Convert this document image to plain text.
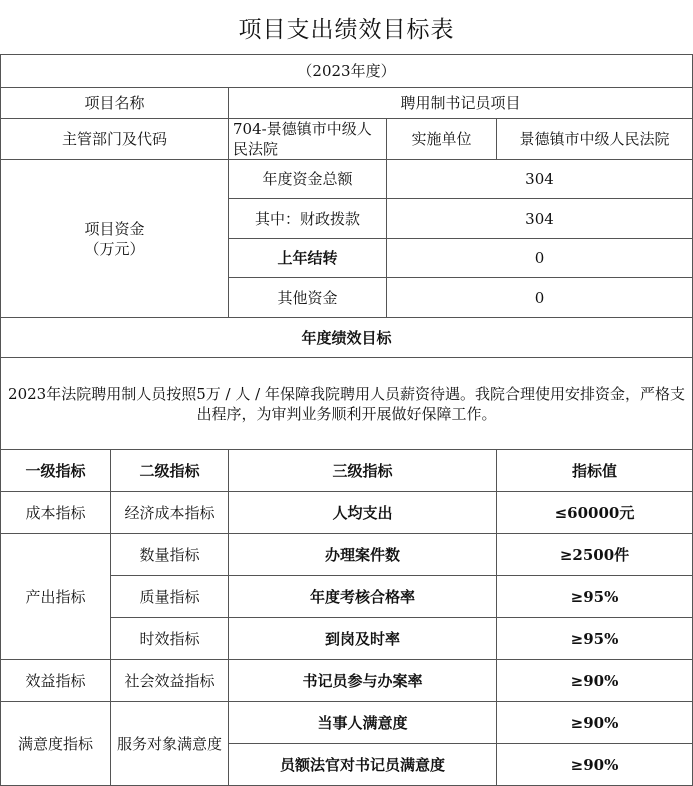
项目支出绩效目标表
（2023年度）				
项目名称		聘用制书记员项目		
主管部门及代码		704-景德镇市中级人民法院	实施单位	景德镇市中级人民法院

项目资金
（万元）		年度资金总额	304	
		其中：财政拨款	304	
		上年结转	0	
		其他资金	0	
年度绩效目标				
2023年法院聘用制人员按照5万 / 人 / 年保障我院聘用人员薪资待遇。我院合理使用安排资金，严格支出程序，为审判业务顺利开展做好保障工作。				
一级指标	二级指标	三级指标		指标值
成本指标	经济成本指标	人均支出		≤60000元
产出指标	数量指标	办理案件数		≥2500件
	质量指标	年度考核合格率		≥95%
	时效指标	到岗及时率		≥95%
效益指标	社会效益指标	书记员参与办案率		≥90%
满意度指标	服务对象满意度	当事人满意度		≥90%
		员额法官对书记员满意度		≥90%
